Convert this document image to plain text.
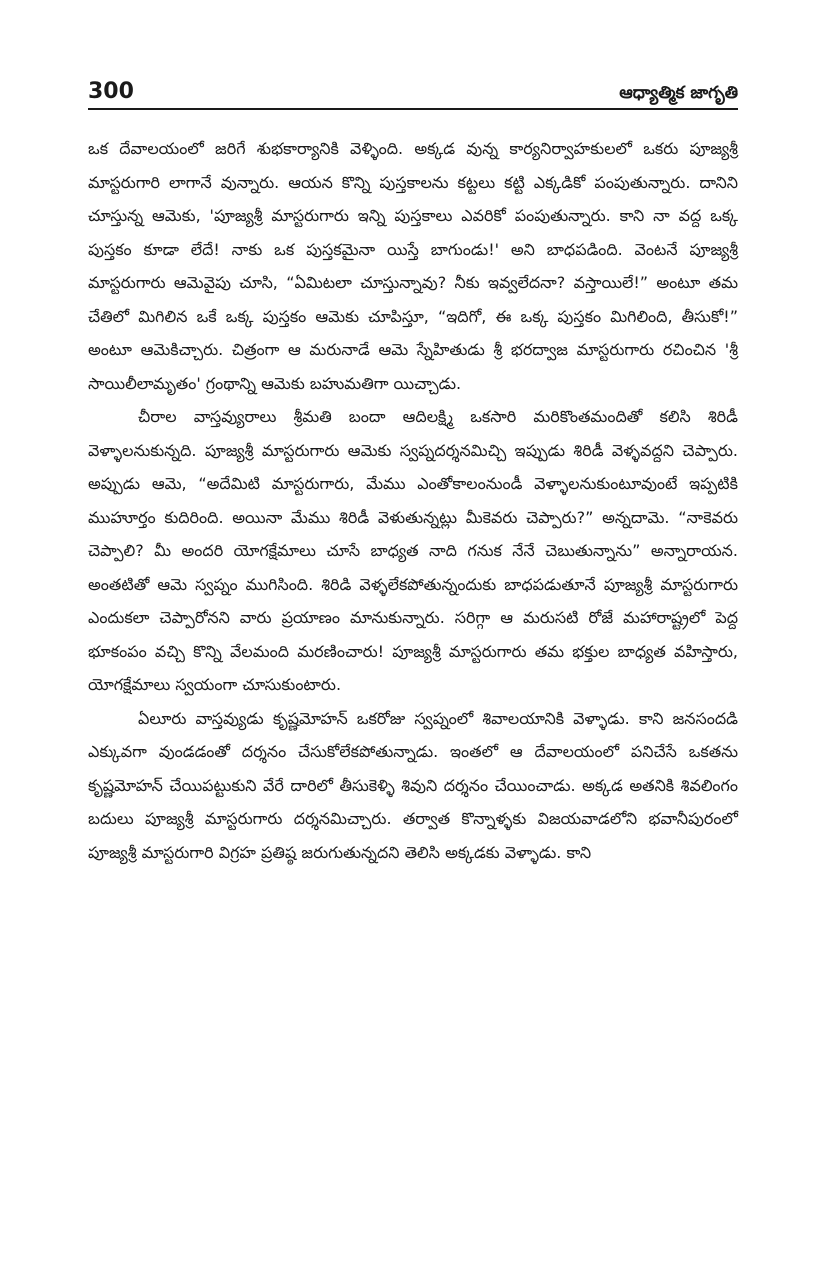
300	ఆధ్యాత్మిక జాగృతి

ఒక దేవాలయంలో జరిగే శుభకార్యానికి వెళ్ళింది. అక్కడ వున్న కార్యనిర్వాహకులలో ఒకరు పూజ్యశ్రీ మాస్టరుగారి లాగానే వున్నారు. ఆయన కొన్ని పుస్తకాలను కట్టలు కట్టి ఎక్కడికో పంపుతున్నారు. దానిని చూస్తున్న ఆమెకు, 'పూజ్యశ్రీ మాస్టరుగారు ఇన్ని పుస్తకాలు ఎవరికో పంపుతున్నారు. కాని నా వద్ద ఒక్క పుస్తకం కూడా లేదే! నాకు ఒక పుస్తకమైనా యిస్తే బాగుండు!' అని బాధపడింది. వెంటనే పూజ్యశ్రీ మాస్టరుగారు ఆమెవైపు చూసి, “ఏమిటలా చూస్తున్నావు? నీకు ఇవ్వలేదనా? వస్తాయిలే!” అంటూ తమ చేతిలో మిగిలిన ఒకే ఒక్క పుస్తకం ఆమెకు చూపిస్తూ, “ఇదిగో, ఈ ఒక్క పుస్తకం మిగిలింది, తీసుకో!” అంటూ ఆమెకిచ్చారు. చిత్రంగా ఆ మరునాడే ఆమె స్నేహితుడు శ్రీ భరద్వాజ మాస్టరుగారు రచించిన 'శ్రీ సాయిలీలామృతం' గ్రంథాన్ని ఆమెకు బహుమతిగా యిచ్చాడు.

చీరాల వాస్తవ్యురాలు శ్రీమతి బందా ఆదిలక్ష్మి ఒకసారి మరికొంతమందితో కలిసి శిరిడీ వెళ్ళాలనుకున్నది. పూజ్యశ్రీ మాస్టరుగారు ఆమెకు స్వప్నదర్శనమిచ్చి ఇప్పుడు శిరిడీ వెళ్ళవద్దని చెప్పారు. అప్పుడు ఆమె, “అదేమిటి మాస్టరుగారు, మేము ఎంతోకాలంనుండీ వెళ్ళాలనుకుంటూవుంటే ఇప్పటికి ముహూర్తం కుదిరింది. అయినా మేము శిరిడీ వెళుతున్నట్లు మీకెవరు చెప్పారు?” అన్నదామె. “నాకెవరు చెప్పాలి? మీ అందరి యోగక్షేమాలు చూసే బాధ్యత నాది గనుక నేనే చెబుతున్నాను” అన్నారాయన. అంతటితో ఆమె స్వప్నం ముగిసింది. శిరిడి వెళ్ళలేకపోతున్నందుకు బాధపడుతూనే పూజ్యశ్రీ మాస్టరుగారు ఎందుకలా చెప్పారోనని వారు ప్రయాణం మానుకున్నారు. సరిగ్గా ఆ మరుసటి రోజే మహారాష్ట్రలో పెద్ద భూకంపం వచ్చి కొన్ని వేలమంది మరణించారు! పూజ్యశ్రీ మాస్టరుగారు తమ భక్తుల బాధ్యత వహిస్తారు, యోగక్షేమాలు స్వయంగా చూసుకుంటారు.

ఏలూరు వాస్తవ్యుడు కృష్ణమోహన్ ఒకరోజు స్వప్నంలో శివాలయానికి వెళ్ళాడు. కాని జనసందడి ఎక్కువగా వుండడంతో దర్శనం చేసుకోలేకపోతున్నాడు. ఇంతలో ఆ దేవాలయంలో పనిచేసే ఒకతను కృష్ణమోహన్ చేయిపట్టుకుని వేరే దారిలో తీసుకెళ్ళి శివుని దర్శనం చేయించాడు. అక్కడ అతనికి శివలింగం బదులు పూజ్యశ్రీ మాస్టరుగారు దర్శనమిచ్చారు. తర్వాత కొన్నాళ్ళకు విజయవాడలోని భవానీపురంలో పూజ్యశ్రీ మాస్టరుగారి విగ్రహ ప్రతిష్ఠ జరుగుతున్నదని తెలిసి అక్కడకు వెళ్ళాడు. కాని
